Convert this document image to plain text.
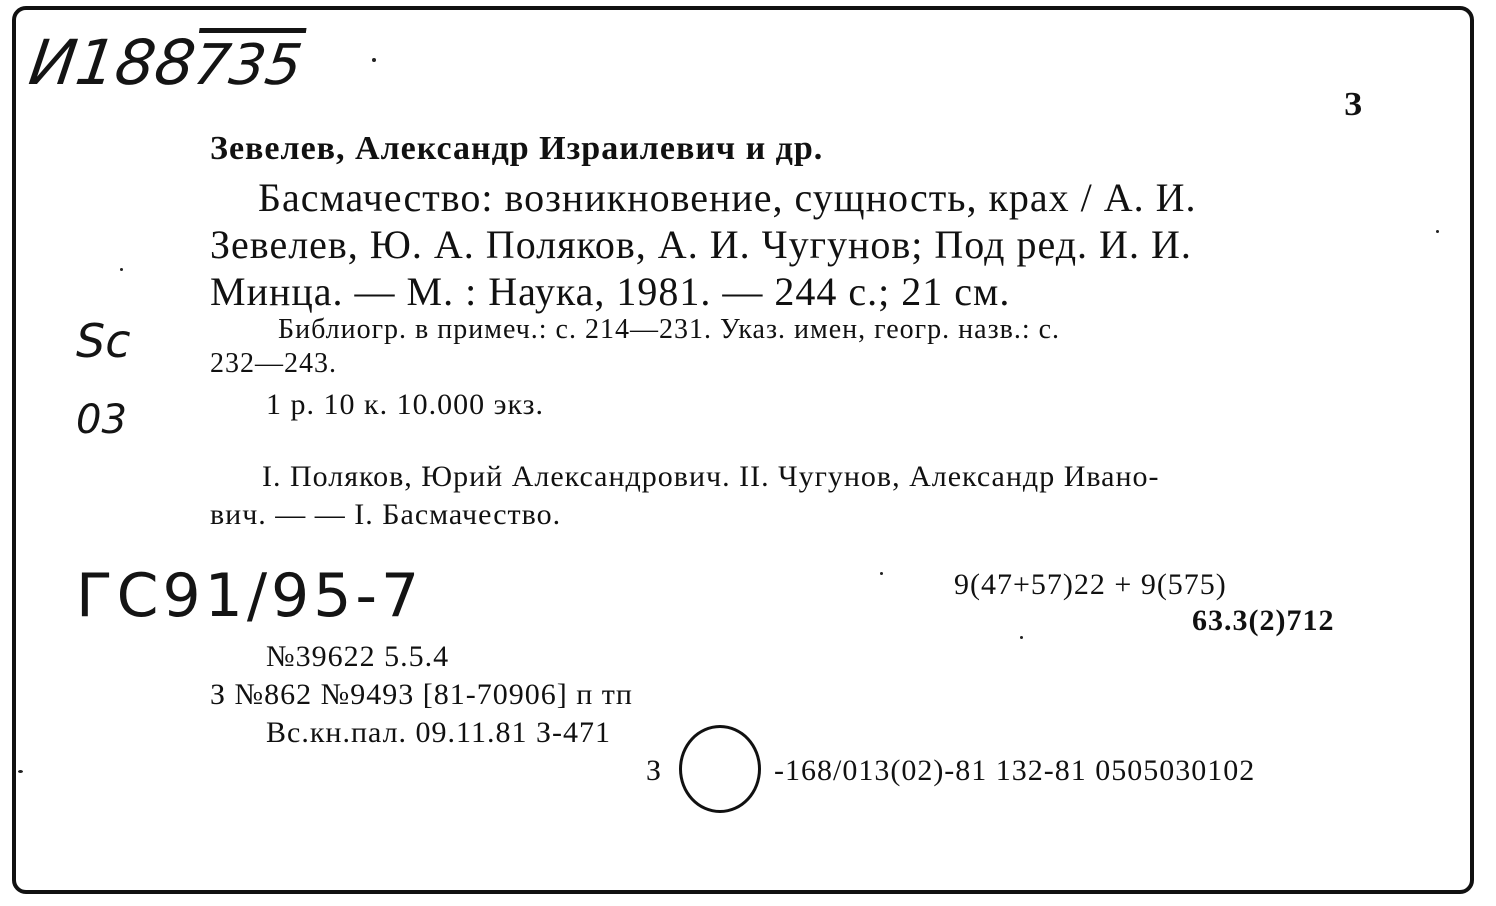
И188735
З
Зевелев, Александр Израилевич и др.
Басмачество: возникновение, сущность, крах / А. И.
Зевелев, Ю. А. Поляков, А. И. Чугунов; Под ред. И. И.
Минца. — М. : Наука, 1981. — 244 с.; 21 см.
Библиогр. в примеч.: с. 214—231. Указ. имен, геогр. назв.: с.
232—243.
1 р. 10 к. 10.000 экз.
I. Поляков, Юрий Александрович. II. Чугунов, Александр Ивано-
вич. — — I. Басмачество.
Sc
03
ГС91/95-7	9(47+57)22 + 9(575)
63.3(2)712
№39622 5.5.4
З №862 №9493 [81-70906] п тп
Вс.кн.пал. 09.11.81 З-471
З	-168/013(02)-81 132-81 0505030102
